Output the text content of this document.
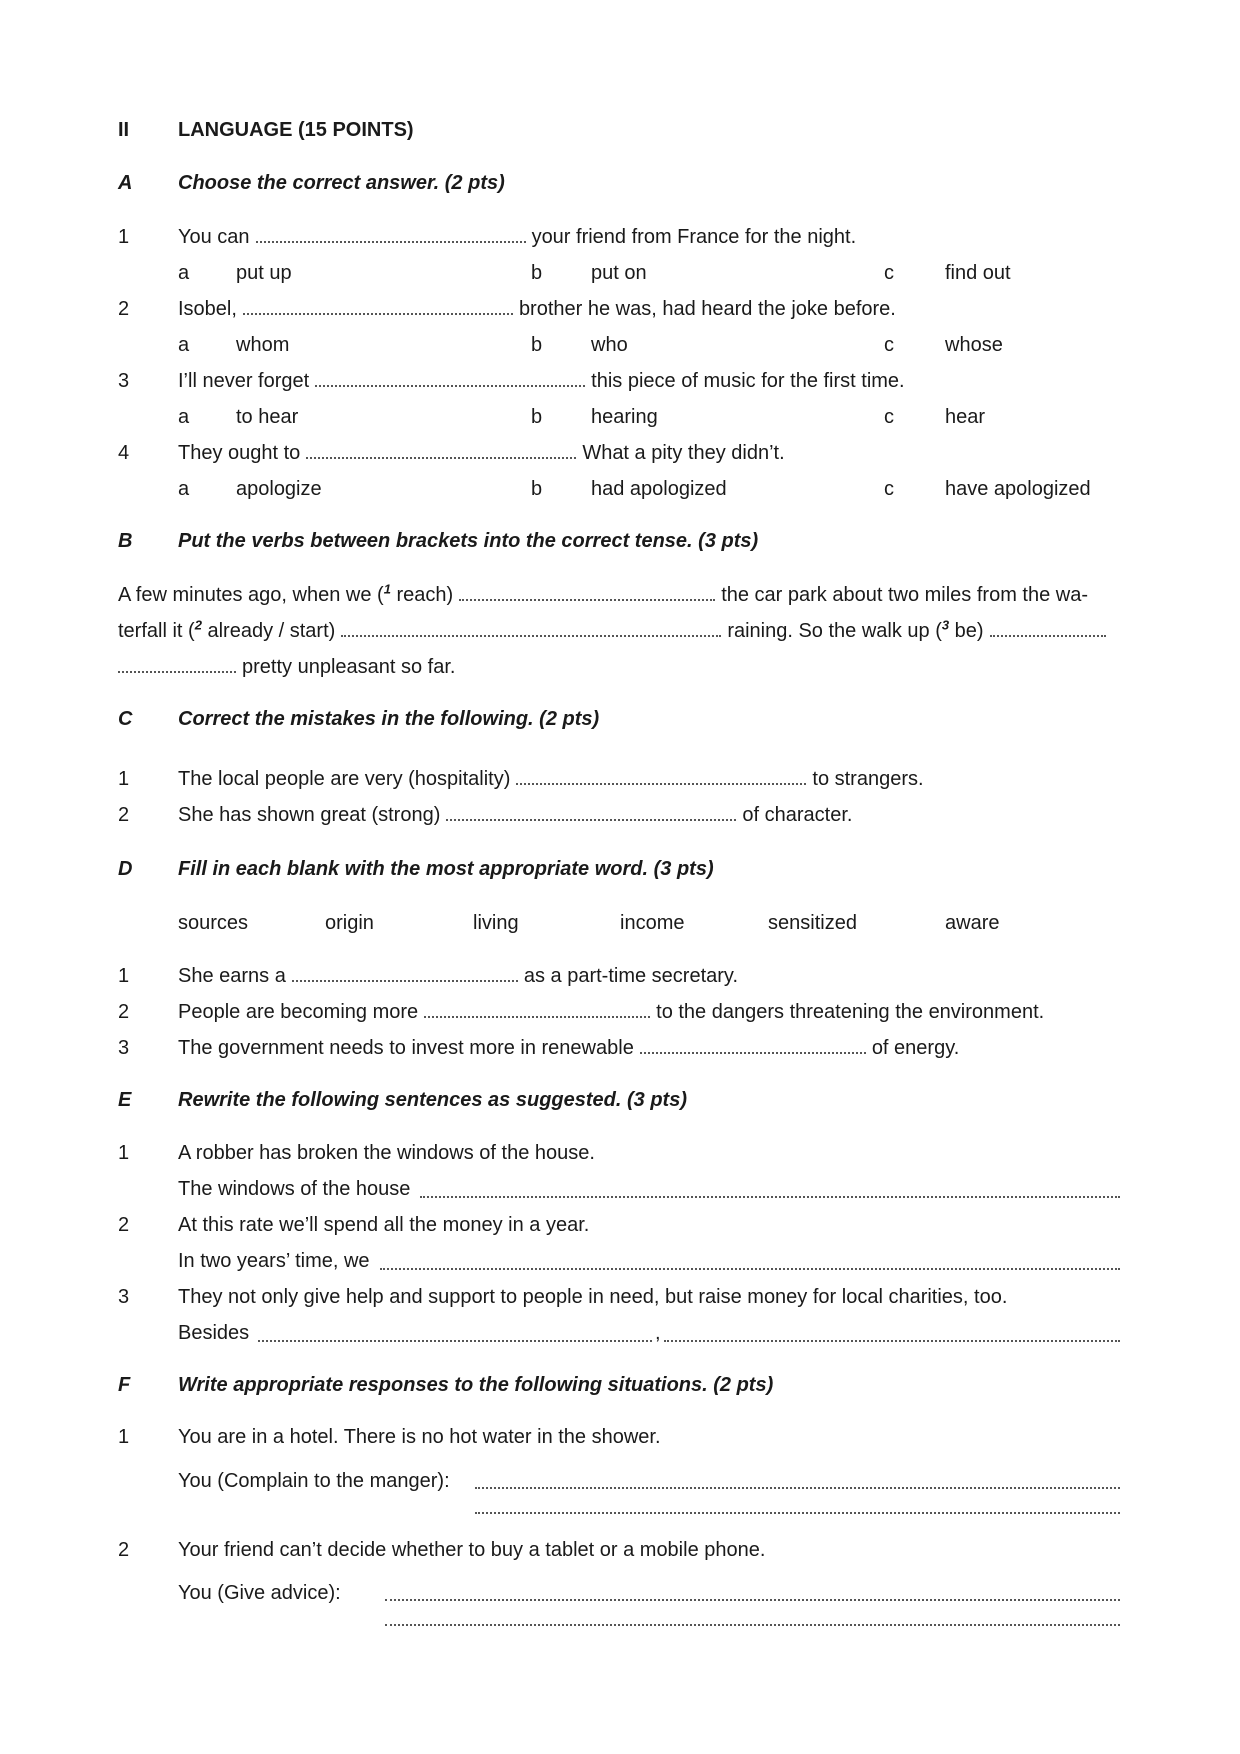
II LANGUAGE (15 POINTS)
A Choose the correct answer. (2 pts)
1 You can	your friend from France for the night.
a put up	b put on	c	find out
2 Isobel,	brother he was, had heard the joke before.
a whom	b who	c	whose
3 I’ll never forget	this piece of music for the first time.
a to hear	b hearing	c	hear
4 They ought to	What a pity they didn’t.
a apologize	b had apologized	c	have apologized
B Put the verbs between brackets into the correct tense. (3 pts)
A few minutes ago, when we ($^1$ reach)	the car park about two miles from the wa-
terfall it ($^2$ already / start)	raining. So the walk up ($^3$ be)
pretty unpleasant so far.
C Correct the mistakes in the following. (2 pts)
1 The local people are very (hospitality)	to strangers.
2 She has shown great (strong)	of character.
D Fill in each blank with the most appropriate word. (3 pts)
sources	origin	living	income	sensitized	aware
1 She earns a	as a part-time secretary.
2 People are becoming more	to the dangers threatening the environment.
3 The government needs to invest more in renewable	of energy.
E Rewrite the following sentences as suggested. (3 pts)
1 A robber has broken the windows of the house.
The windows of the house
2 At this rate we’ll spend all the money in a year.
In two years’ time, we
3 They not only give help and support to people in need, but raise money for local charities, too.
Besides	,
F Write appropriate responses to the following situations. (2 pts)
1 You are in a hotel. There is no hot water in the shower.
You (Complain to the manger):
2 Your friend can’t decide whether to buy a tablet or a mobile phone.
You (Give advice):
